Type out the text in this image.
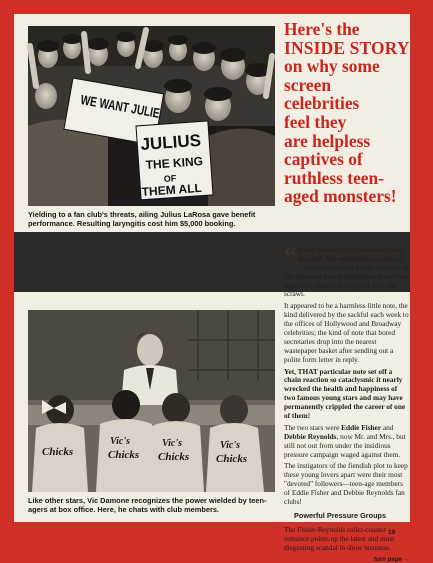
WE WANT JULIE
JULIUS
THE KING
OF
THEM ALL
Yielding to a fan club's threats, ailing Julius LaRosa gave benefit performance. Resulting laryngitis cost him $5,000 booking.
Chicks
Vic's
Chicks
Vic's
Chicks
Vic's
Chicks
Like other stars, Vic Damone recognizes the power wielded by teen-agers at box office. Here, he chats with club members.
Here's the
INSIDE STORY
on why some
screen
celebrities
feel they
are helpless
captives of
ruthless teen-
aged monsters!

“ Eddie, please forget about marrying that girl. She won't make you happy . . ." The bobby-soxer's letter went on in this pleading tone before it ended with her signature, penned in a typical teen-age scrawl.

It appeared to be a harmless little note, the kind delivered by the sackful each week to the offices of Hollywood and Broadway celebrities; the kind of note that bored secretaries drop into the nearest wastepaper basket after sending out a polite form letter in reply.

Yet, THAT particular note set off a chain reaction so cataclysmic it nearly wrecked the health and happiness of two famous young stars and may have permanently crippled the career of one of them!

The two stars were Eddie Fisher and Debbie Reynolds, now Mr. and Mrs., but still not out from under the insidious pressure campaign waged against them.

The instigators of the fiendish plot to keep these young lovers apart were their most "devoted" followers—teen-age members of Eddie Fisher and Debbie Reynolds fan clubs!

Powerful Pressure Groups

The Fisher-Reynolds roller-coaster romance points up the latest and most disgusting scandal in show business,

turn page →
19
